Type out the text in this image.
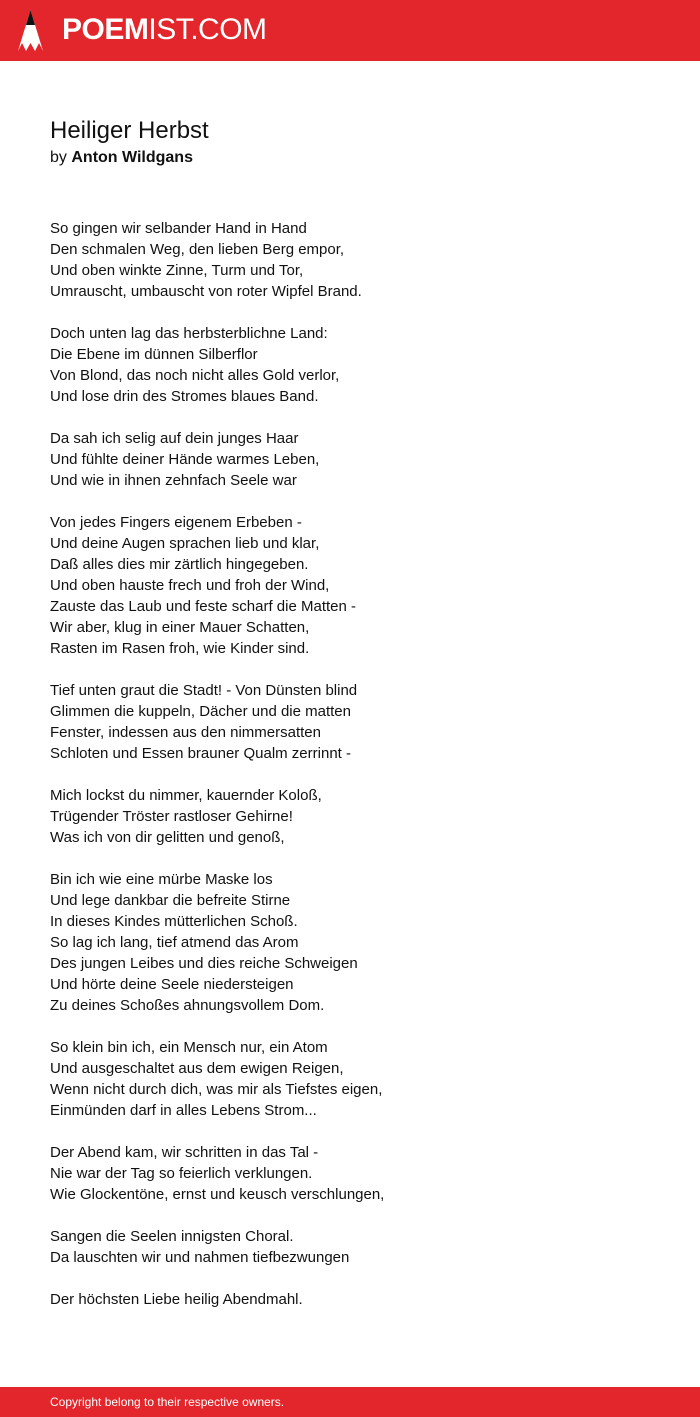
POEM IST.COM
Heiliger Herbst
by Anton Wildgans
So gingen wir selbander Hand in Hand
Den schmalen Weg, den lieben Berg empor,
Und oben winkte Zinne, Turm und Tor,
Umrauscht, umbauscht von roter Wipfel Brand.
Doch unten lag das herbsterblichne Land:
Die Ebene im dünnen Silberflor
Von Blond, das noch nicht alles Gold verlor,
Und lose drin des Stromes blaues Band.
Da sah ich selig auf dein junges Haar
Und fühlte deiner Hände warmes Leben,
Und wie in ihnen zehnfach Seele war
Von jedes Fingers eigenem Erbeben -
Und deine Augen sprachen lieb und klar,
Daß alles dies mir zärtlich hingegeben.
Und oben hauste frech und froh der Wind,
Zauste das Laub und feste scharf die Matten -
Wir aber, klug in einer Mauer Schatten,
Rasten im Rasen froh, wie Kinder sind.
Tief unten graut die Stadt! - Von Dünsten blind
Glimmen die kuppeln, Dächer und die matten
Fenster, indessen aus den nimmersatten
Schloten und Essen brauner Qualm zerrinnt -
Mich lockst du nimmer, kauernder Koloß,
Trügender Tröster rastloser Gehirne!
Was ich von dir gelitten und genoß,
Bin ich wie eine mürbe Maske los
Und lege dankbar die befreite Stirne
In dieses Kindes mütterlichen Schoß.
So lag ich lang, tief atmend das Arom
Des jungen Leibes und dies reiche Schweigen
Und hörte deine Seele niedersteigen
Zu deines Schoßes ahnungsvollem Dom.
So klein bin ich, ein Mensch nur, ein Atom
Und ausgeschaltet aus dem ewigen Reigen,
Wenn nicht durch dich, was mir als Tiefstes eigen,
Einmünden darf in alles Lebens Strom...
Der Abend kam, wir schritten in das Tal -
Nie war der Tag so feierlich verklungen.
Wie Glockentöne, ernst und keusch verschlungen,
Sangen die Seelen innigsten Choral.
Da lauschten wir und nahmen tiefbezwungen
Der höchsten Liebe heilig Abendmahl.
Copyright belong to their respective owners.
